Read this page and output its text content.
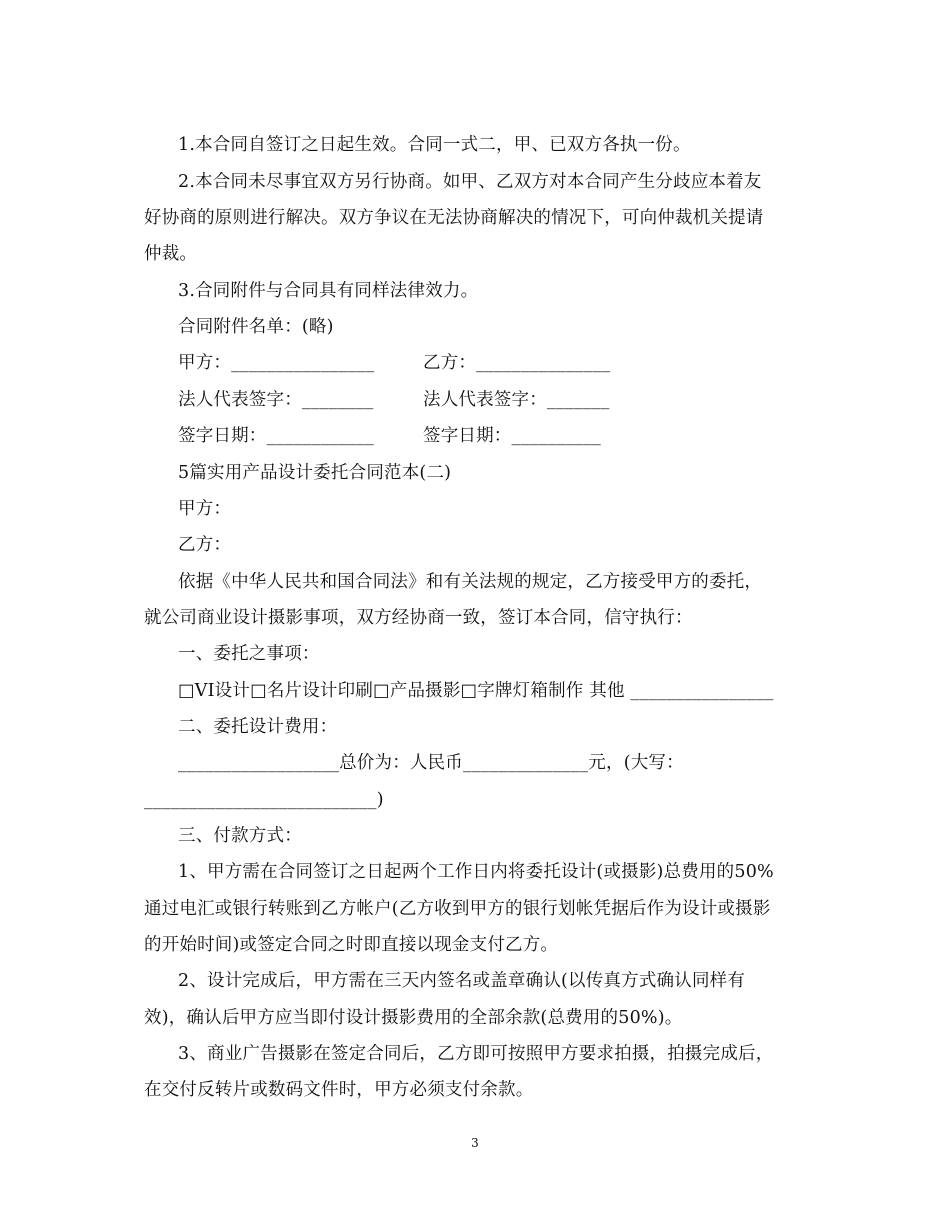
1.本合同自签订之日起生效。合同一式二，甲、已双方各执一份。
2.本合同未尽事宜双方另行协商。如甲、乙双方对本合同产生分歧应本着友
好协商的原则进行解决。双方争议在无法协商解决的情况下，可向仲裁机关提请
仲裁。
3.合同附件与合同具有同样法律效力。
合同附件名单：(略)
甲方：________________	乙方：_______________
法人代表签字：________	法人代表签字：_______
签字日期：____________	签字日期：__________
5篇实用产品设计委托合同范本(二)
甲方：
乙方：
依据《中华人民共和国合同法》和有关法规的规定，乙方接受甲方的委托，
就公司商业设计摄影事项，双方经协商一致，签订本合同，信守执行：
一、委托之事项：
□VI设计□名片设计印刷□产品摄影□字牌灯箱制作 其他 ________________
二、委托设计费用：
__________________总价为：人民币______________元，(大写：
__________________________)
三、付款方式：
1、甲方需在合同签订之日起两个工作日内将委托设计(或摄影)总费用的50%
通过电汇或银行转账到乙方帐户(乙方收到甲方的银行划帐凭据后作为设计或摄影
的开始时间)或签定合同之时即直接以现金支付乙方。
2、设计完成后，甲方需在三天内签名或盖章确认(以传真方式确认同样有
效)，确认后甲方应当即付设计摄影费用的全部余款(总费用的50%)。
3、商业广告摄影在签定合同后，乙方即可按照甲方要求拍摄，拍摄完成后，
在交付反转片或数码文件时，甲方必须支付余款。
3
